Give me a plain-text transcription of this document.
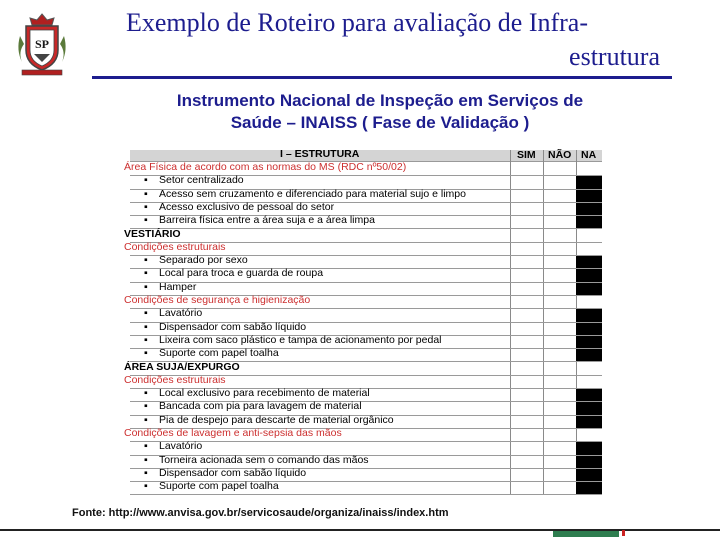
SP
Exemplo de Roteiro para avaliação de Infra-
estrutura
Instrumento Nacional de Inspeção em Serviços de
Saúde – INAISS ( Fase de Validação )
I – ESTRUTURA	SIM NÃO NA
Área Física de acordo com as normas do MS (RDC nº50/02)
▪ Setor centralizado
▪ Acesso sem cruzamento e diferenciado para material sujo e limpo
▪ Acesso exclusivo de pessoal do setor
▪ Barreira física entre a área suja e a área limpa
VESTIÁRIO
Condições estruturais
▪ Separado por sexo
▪ Local para troca e guarda de roupa
▪ Hamper
Condições de segurança e higienização
▪ Lavatório
▪ Dispensador com sabão líquido
▪ Lixeira com saco plástico e tampa de acionamento por pedal
▪ Suporte com papel toalha
ÁREA SUJA/EXPURGO
Condições estruturais
▪ Local exclusivo para recebimento de material
▪ Bancada com pia para lavagem de material
▪ Pia de despejo para descarte de material orgânico
Condições de lavagem e anti-sepsia das mãos
▪ Lavatório
▪ Torneira acionada sem o comando das mãos
▪ Dispensador com sabão líquido
▪ Suporte com papel toalha
Fonte: http://www.anvisa.gov.br/servicosaude/organiza/inaiss/index.htm
